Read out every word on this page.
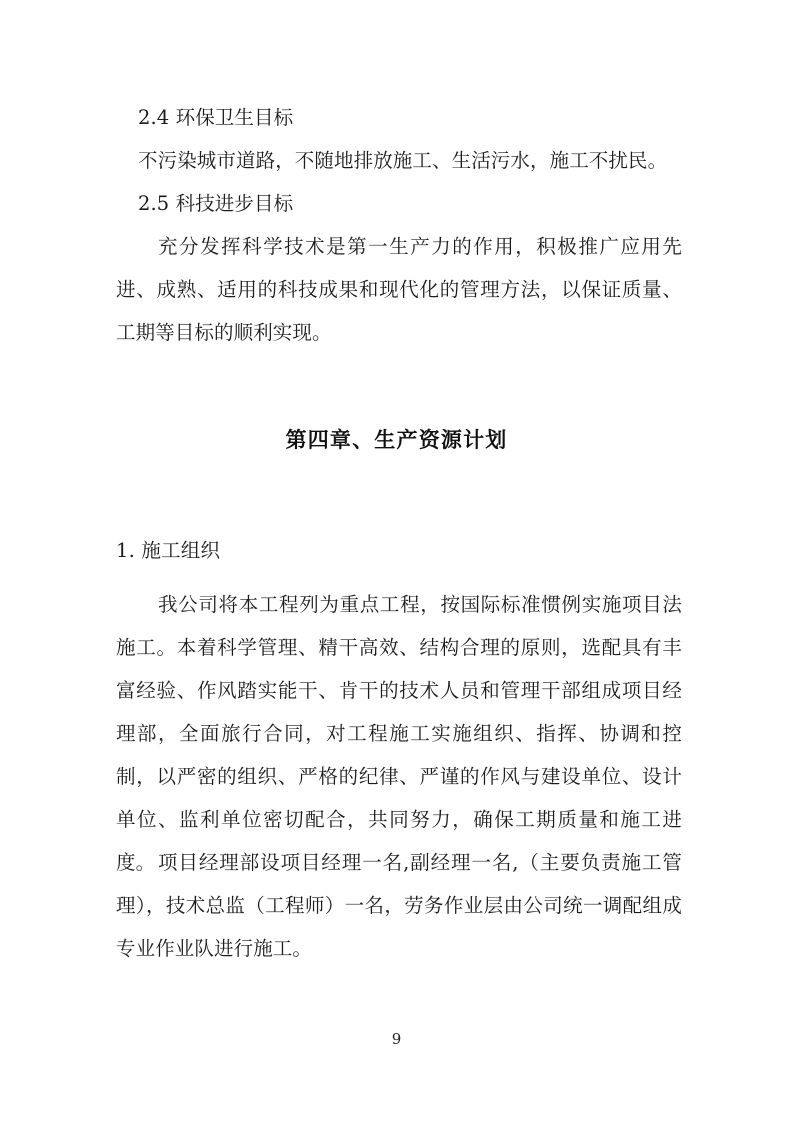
2.4 环保卫生目标

不污染城市道路，不随地排放施工、生活污水，施工不扰民。

2.5 科技进步目标

充分发挥科学技术是第一生产力的作用，积极推广应用先进、成熟、适用的科技成果和现代化的管理方法，以保证质量、工期等目标的顺利实现。

第四章、生产资源计划
1. 施工组织

我公司将本工程列为重点工程，按国际标准惯例实施项目法施工。本着科学管理、精干高效、结构合理的原则，选配具有丰富经验、作风踏实能干、肯干的技术人员和管理干部组成项目经理部，全面旅行合同，对工程施工实施组织、指挥、协调和控制，以严密的组织、严格的纪律、严谨的作风与建设单位、设计单位、监利单位密切配合，共同努力，确保工期质量和施工进度。 项目经理部设项目经理一名,副经理一名,（主要负责施工管理），技术总监（工程师）一名，劳务作业层由公司统一调配组成专业作业队进行施工。

9
